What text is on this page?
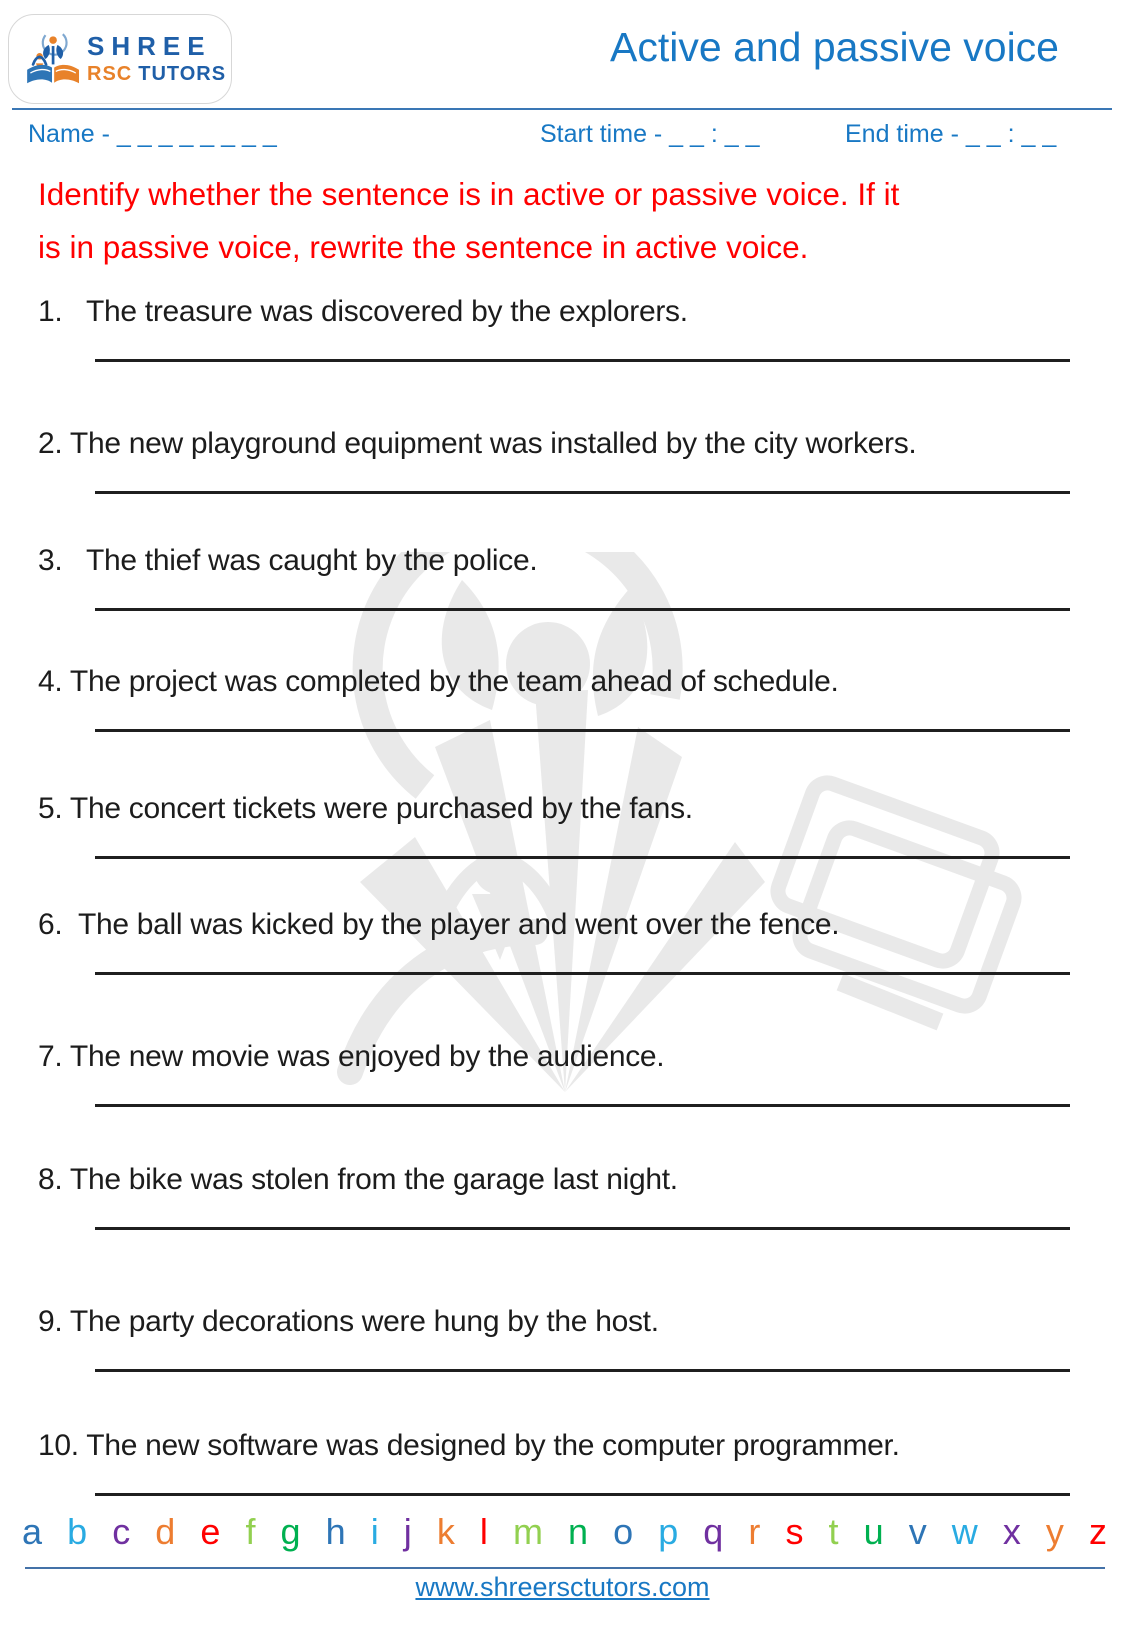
SHREE
RSC TUTORS
Active and passive voice
Name - _ _ _ _ _ _ _ _	Start time - _ _ : _ _	End time - _ _ : _ _
Identify whether the sentence is in active or passive voice. If it
is in passive voice, rewrite the sentence in active voice.
1.   The treasure was discovered by the explorers.
2. The new playground equipment was installed by the city workers.
3.   The thief was caught by the police.
4. The project was completed by the team ahead of schedule.
5. The concert tickets were purchased by the fans.
6.  The ball was kicked by the player and went over the fence.
7. The new movie was enjoyed by the audience.
8. The bike was stolen from the garage last night.
9. The party decorations were hung by the host.
10. The new software was designed by the computer programmer.
a b c d e f g h i j k l m n o p q r s t u v w x y z
www.shreersctutors.com
